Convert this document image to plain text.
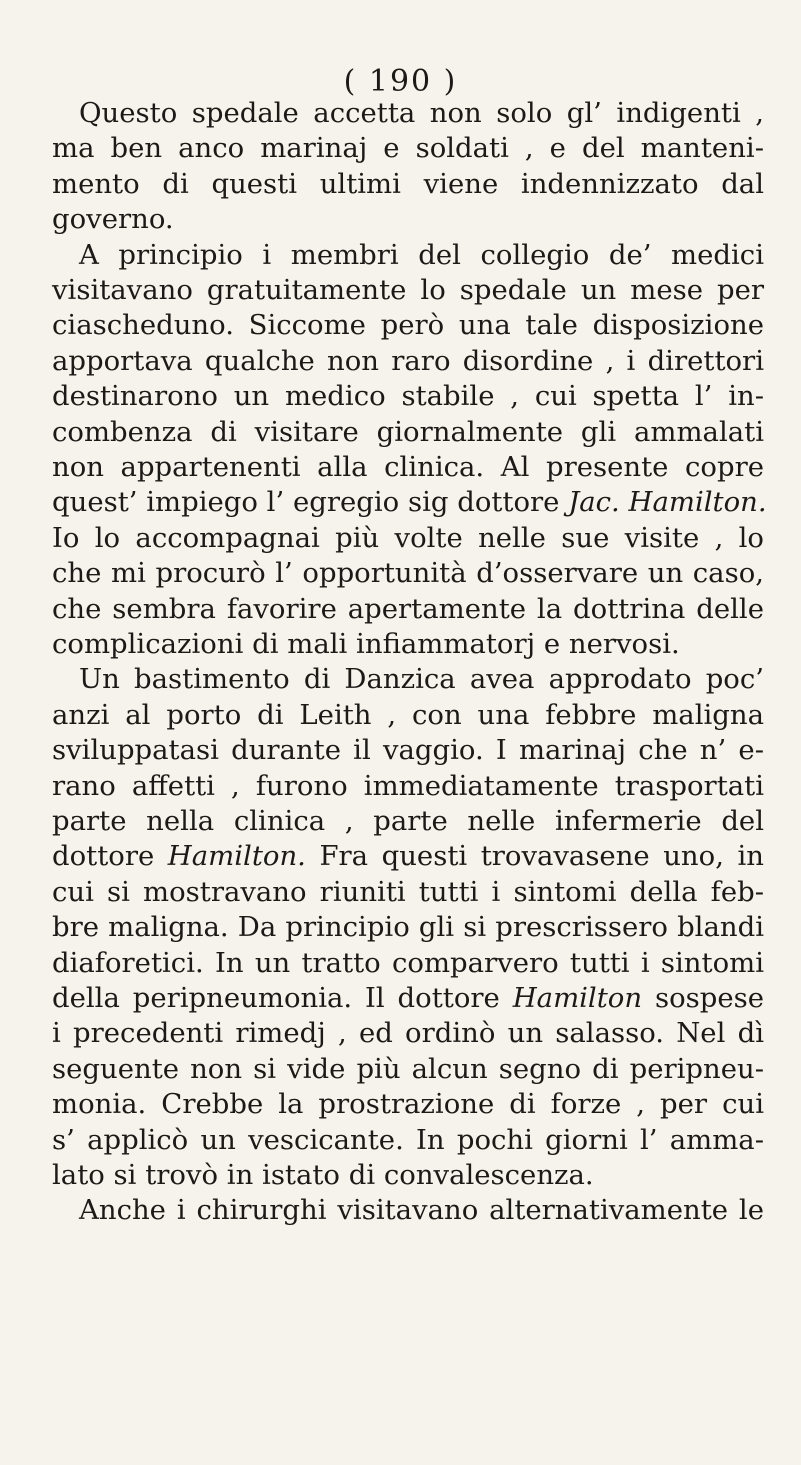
( 190 )
Questo spedale accetta non solo gl’ indigenti ,
ma ben anco marinaj e soldati , e del manteni-
mento di questi ultimi viene indennizzato dal
governo.
A principio i membri del collegio de’ medici
visitavano gratuitamente lo spedale un mese per
ciascheduno. Siccome però una tale disposizione
apportava qualche non raro disordine , i direttori
destinarono un medico stabile , cui spetta l’ in-
combenza di visitare giornalmente gli ammalati
non appartenenti alla clinica. Al presente copre
quest’ impiego l’ egregio sig dottore Jac. Hamilton.
Io lo accompagnai più volte nelle sue visite , lo
che mi procurò l’ opportunità d’osservare un caso,
che sembra favorire apertamente la dottrina delle
complicazioni di mali infiammatorj e nervosi.
Un bastimento di Danzica avea approdato poc’
anzi al porto di Leith , con una febbre maligna
sviluppatasi durante il vaggio. I marinaj che n’ e-
rano affetti , furono immediatamente trasportati
parte nella clinica , parte nelle infermerie del
dottore Hamilton. Fra questi trovavasene uno, in
cui si mostravano riuniti tutti i sintomi della feb-
bre maligna. Da principio gli si prescrissero blandi
diaforetici. In un tratto comparvero tutti i sintomi
della peripneumonia. Il dottore Hamilton sospese
i precedenti rimedj , ed ordinò un salasso. Nel dì
seguente non si vide più alcun segno di peripneu-
monia. Crebbe la prostrazione di forze , per cui
s’ applicò un vescicante. In pochi giorni l’ amma-
lato si trovò in istato di convalescenza.
Anche i chirurghi visitavano alternativamente le
